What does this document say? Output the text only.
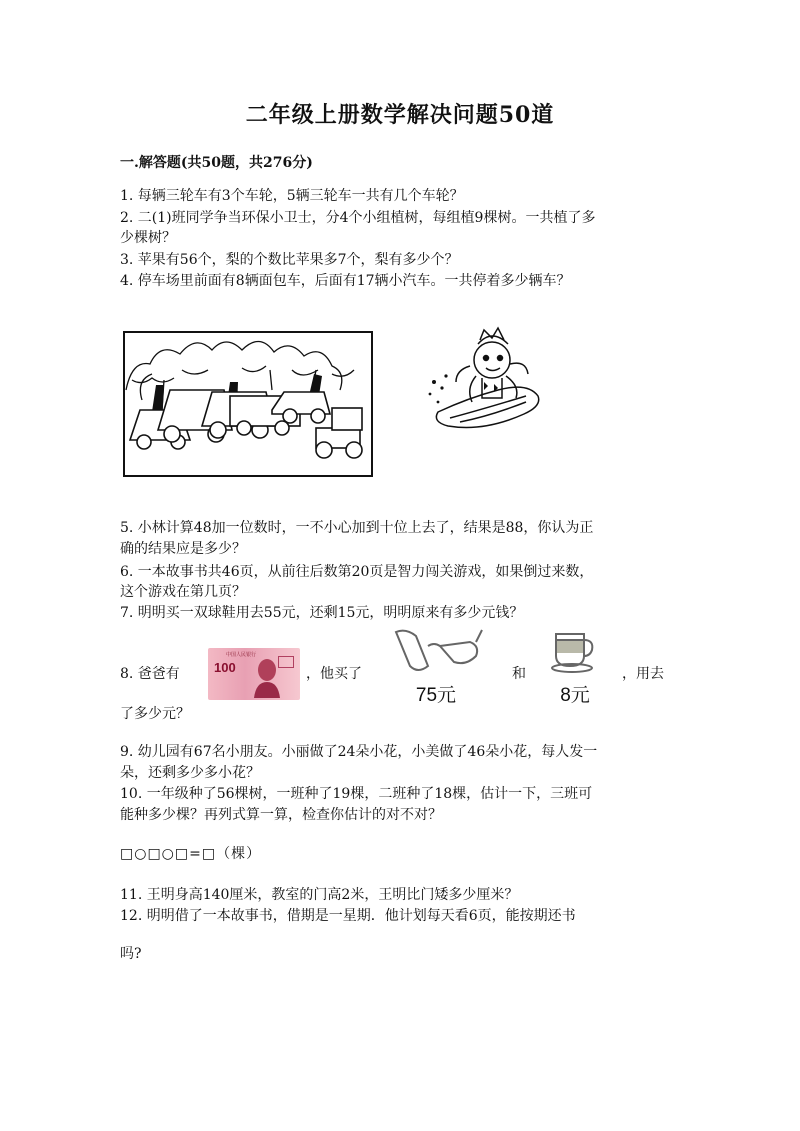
二年级上册数学解决问题50道
一.解答题(共50题，共276分)
1. 每辆三轮车有3个车轮，5辆三轮车一共有几个车轮？
2. 二(1)班同学争当环保小卫士，分4个小组植树，每组植9棵树。一共植了多
少棵树？
3. 苹果有56个，梨的个数比苹果多7个，梨有多少个？
4. 停车场里前面有8辆面包车，后面有17辆小汽车。一共停着多少辆车？
5. 小林计算48加一位数时，一不小心加到十位上去了，结果是88，你认为正
确的结果应是多少？
6. 一本故事书共46页，从前往后数第20页是智力闯关游戏，如果倒过来数，
这个游戏在第几页？
7. 明明买一双球鞋用去55元，还剩15元，明明原来有多少元钱？
8. 爸爸有
中国人民银行
100	，他买了
75元
和
8元
，用去
了多少元？
9. 幼儿园有67名小朋友。小丽做了24朵小花，小美做了46朵小花，每人发一
朵，还剩多少多小花？
10. 一年级种了56棵树，一班种了19棵，二班种了18棵，估计一下，三班可
能种多少棵？再列式算一算，检查你估计的对不对？
□○□○□=□（棵）
11. 王明身高140厘米，教室的门高2米，王明比门矮多少厘米？
12. 明明借了一本故事书，借期是一星期．他计划每天看6页，能按期还书
吗?
